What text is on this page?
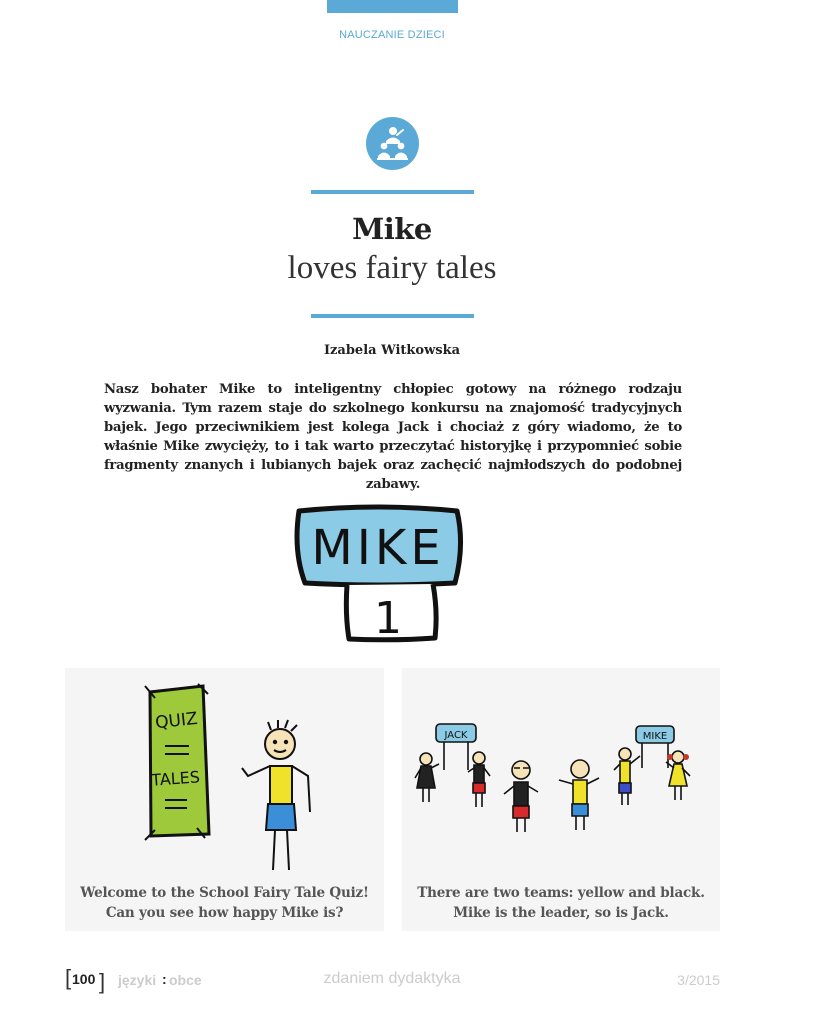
NAUCZANIE DZIECI
Mike
loves fairy tales
Izabela Witkowska
Nasz bohater Mike to inteligentny chłopiec gotowy na różnego rodzaju wyzwania. Tym razem staje do szkolnego konkursu na znajomość tradycyjnych bajek. Jego przeciwnikiem jest kolega Jack i chociaż z góry wiadomo, że to właśnie Mike zwycięży, to i tak warto przeczytać historyjkę i przypomnieć sobie fragmenty znanych i lubianych bajek oraz zachęcić najmłodszych do podobnej zabawy.
MIKE
1
QUIZ
TALES
Welcome to the School Fairy Tale Quiz!
Can you see how happy Mike is?
JACK	MIKE
There are two teams: yellow and black.
Mike is the leader, so is Jack.
[ 100 ] języki : obce	zdaniem dydaktyka	3/2015
